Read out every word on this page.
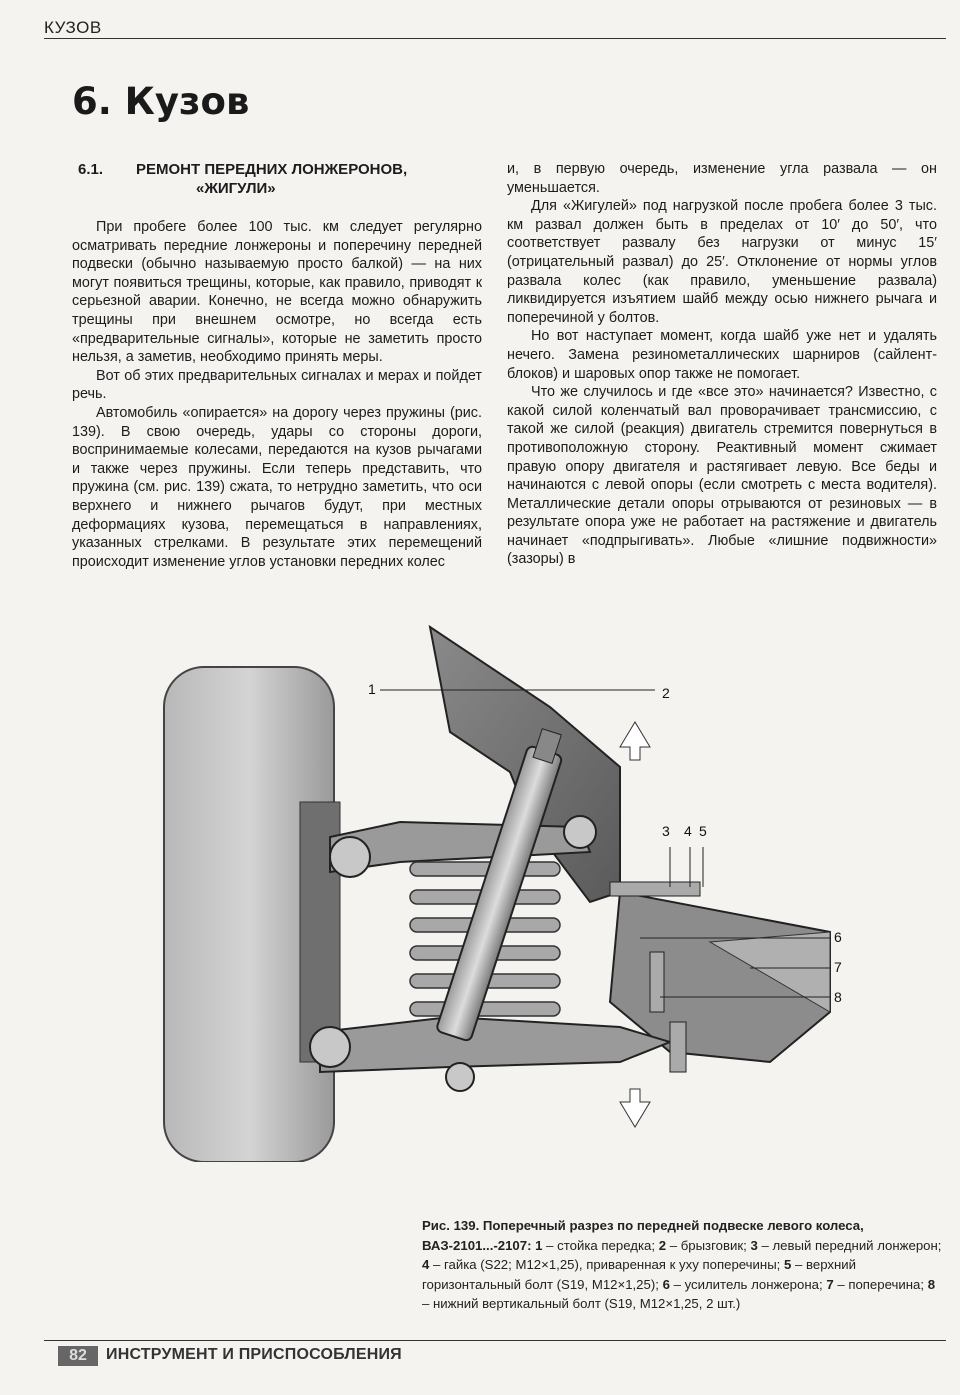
КУЗОВ
6. Кузов
6.1.	РЕМОНТ ПЕРЕДНИХ ЛОНЖЕРОНОВ,
«ЖИГУЛИ»

При пробеге более 100 тыс. км следует регулярно осматривать передние лонжероны и поперечину передней подвески (обычно называемую просто балкой) — на них могут появиться трещины, которые, как правило, приводят к серьезной аварии. Конечно, не всегда можно обнаружить трещины при внешнем осмотре, но всегда есть «предварительные сигналы», которые не заметить просто нельзя, а заметив, необходимо принять меры.

Вот об этих предварительных сигналах и мерах и пойдет речь.

Автомобиль «опирается» на дорогу через пружины (рис. 139). В свою очередь, удары со стороны дороги, воспринимаемые колесами, передаются на кузов рычагами и также через пружины. Если теперь представить, что пружина (см. рис. 139) сжата, то нетрудно заметить, что оси верхнего и нижнего рычагов будут, при местных деформациях кузова, перемещаться в направлениях, указанных стрелками. В результате этих перемещений происходит изменение углов установки передних колес

и, в первую очередь, изменение угла развала — он уменьшается.

Для «Жигулей» под нагрузкой после пробега более 3 тыс. км развал должен быть в пределах от 10′ до 50′, что соответствует развалу без нагрузки от минус 15′ (отрицательный развал) до 25′. Отклонение от нормы углов развала колес (как правило, уменьшение развала) ликвидируется изъятием шайб между осью нижнего рычага и поперечиной у болтов.

Но вот наступает момент, когда шайб уже нет и удалять нечего. Замена резинометаллических шарниров (сайлент-блоков) и шаровых опор также не помогает.

Что же случилось и где «все это» начинается? Известно, с какой силой коленчатый вал проворачивает трансмиссию, с такой же силой (реакция) двигатель стремится повернуться в противоположную сторону. Реактивный момент сжимает правую опору двигателя и растягивает левую. Все беды и начинаются с левой опоры (если смотреть с места водителя). Металлические детали опоры отрываются от резиновых — в результате опора уже не работает на растяжение и двигатель начинает «подпрыгивать». Любые «лишние подвижности» (зазоры) в

1	2
3 4 5
6
7
8

Рис. 139. Поперечный разрез по передней подвеске левого колеса, ВАЗ-2101...-2107: 1 – стойка передка; 2 – брызговик; 3 – левый передний лонжерон; 4 – гайка (S22; M12×1,25), приваренная к уху поперечины; 5 – верхний горизонтальный болт (S19, M12×1,25); 6 – усилитель лонжерона; 7 – поперечина; 8 – нижний вертикальный болт (S19, M12×1,25, 2 шт.)

82	ИНСТРУМЕНТ И ПРИСПОСОБЛЕНИЯ
